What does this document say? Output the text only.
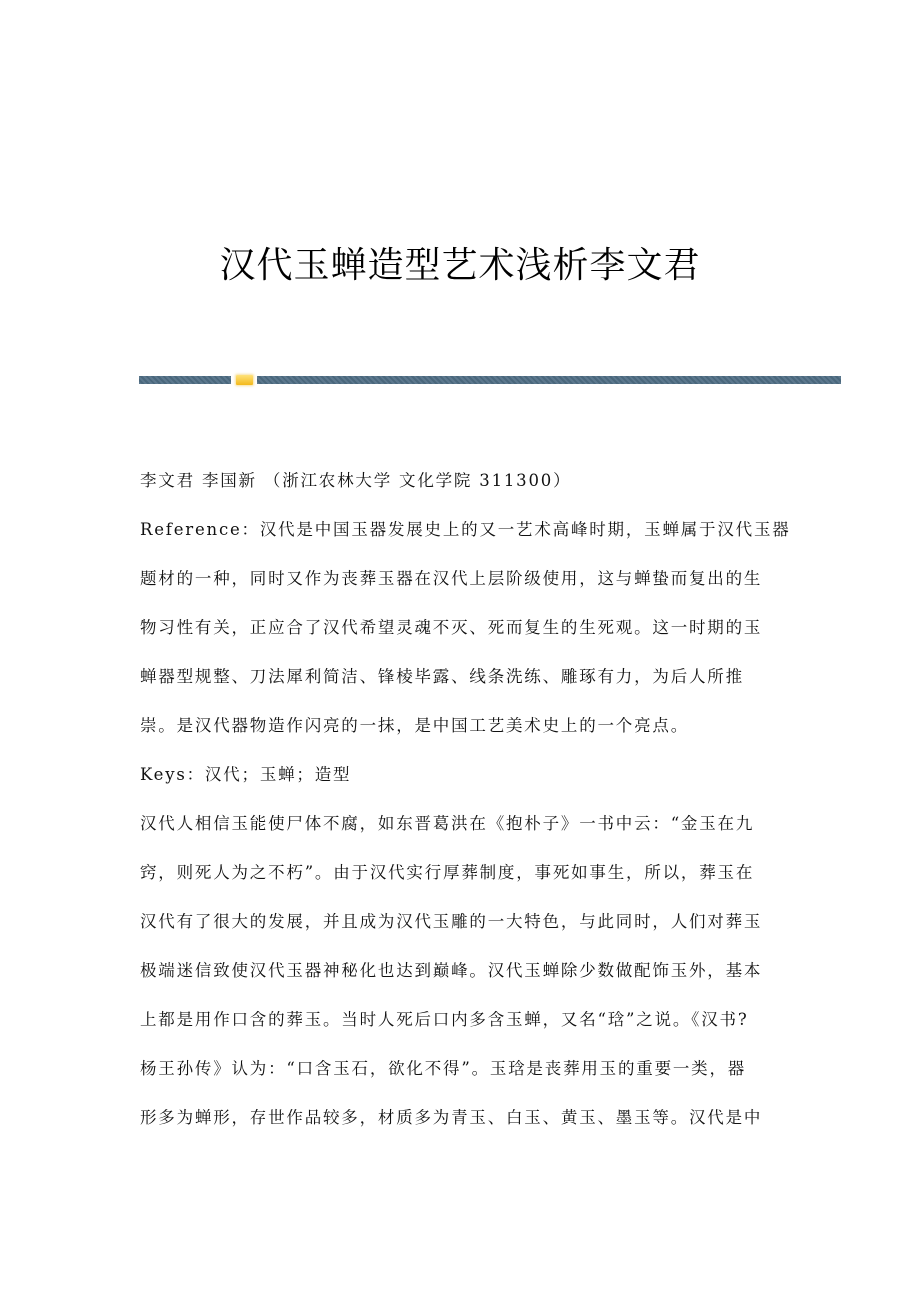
汉代玉蝉造型艺术浅析李文君
李文君 李国新 （浙江农林大学 文化学院 311300）
Reference：汉代是中国玉器发展史上的又一艺术高峰时期，玉蝉属于汉代玉器
题材的一种，同时又作为丧葬玉器在汉代上层阶级使用，这与蝉蛰而复出的生
物习性有关，正应合了汉代希望灵魂不灭、死而复生的生死观。这一时期的玉
蝉器型规整、刀法犀利简洁、锋棱毕露、线条洗练、雕琢有力，为后人所推
崇。是汉代器物造作闪亮的一抹，是中国工艺美术史上的一个亮点。
Keys：汉代；玉蝉；造型
汉代人相信玉能使尸体不腐，如东晋葛洪在《抱朴子》一书中云：“金玉在九
窍，则死人为之不朽”。由于汉代实行厚葬制度，事死如事生，所以，葬玉在
汉代有了很大的发展，并且成为汉代玉雕的一大特色，与此同时，人们对葬玉
极端迷信致使汉代玉器神秘化也达到巅峰。汉代玉蝉除少数做配饰玉外，基本
上都是用作口含的葬玉。当时人死后口内多含玉蝉，又名“琀”之说。《汉书?
杨王孙传》认为：“口含玉石，欲化不得”。玉琀是丧葬用玉的重要一类，器
形多为蝉形，存世作品较多，材质多为青玉、白玉、黄玉、墨玉等。汉代是中
